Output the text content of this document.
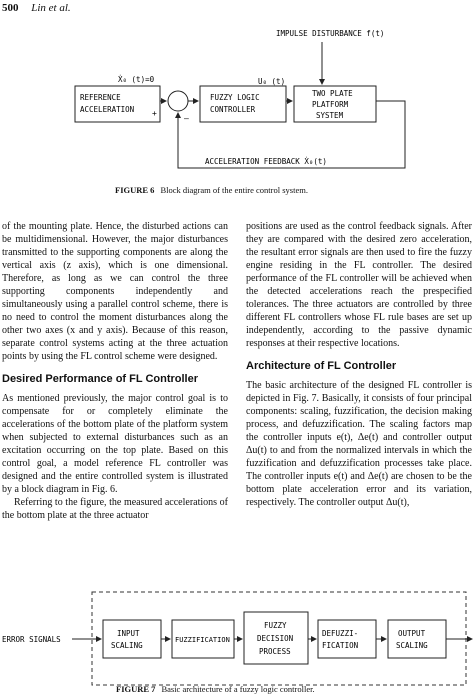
500 Lin et al.
+
–
IMPULSE DISTURBANCE f(t)
Ẋ₀ (t)=0
REFERENCE
ACCELERATION
FUZZY LOGIC
CONTROLLER
U₀ (t)
TWO PLATE
PLATFORM
SYSTEM
ACCELERATION FEEDBACK Ẋ₀(t)
FIGURE 6 Block diagram of the entire control system.

of the mounting plate. Hence, the disturbed actions can be multidimensional. However, the major disturbances transmitted to the supporting components are along the vertical axis (z axis), which is one dimensional. Therefore, as long as we can control the three supporting components independently and simultaneously using a parallel control scheme, there is no need to control the moment disturbances along the other two axes (x and y axis). Because of this reason, separate control systems acting at the three actuation points by using the FL control scheme were designed.

Desired Performance of FL Controller

As mentioned previously, the major control goal is to compensate for or completely eliminate the accelerations of the bottom plate of the platform system when subjected to external disturbances such as an excitation occurring on the top plate. Based on this control goal, a model reference FL controller was designed and the entire controlled system is illustrated by a block diagram in Fig. 6.

Referring to the figure, the measured accelerations of the bottom plate at the three actuator

positions are used as the control feedback signals. After they are compared with the desired zero acceleration, the resultant error signals are then used to fire the fuzzy engine residing in the FL controller. The desired performance of the FL controller will be achieved when the detected accelerations reach the prespecified tolerances. The three actuators are controlled by three different FL controllers whose FL rule bases are set up independently, according to the passive dynamic responses at their respective locations.

Architecture of FL Controller

The basic architecture of the designed FL controller is depicted in Fig. 7. Basically, it consists of four principal components: scaling, fuzzification, the decision making process, and defuzzification. The scaling factors map the controller inputs e(t), Δe(t) and controller output Δu(t) to and from the normalized intervals in which the fuzzification and defuzzification processes take place. The controller inputs e(t) and Δe(t) are chosen to be the bottom plate acceleration error and its variation, respectively. The controller output Δu(t),

ERROR SIGNALS
INPUT
SCALING
FUZZIFICATION
FUZZY
DECISION
PROCESS
DEFUZZI-
FICATION
OUTPUT
SCALING
FIGURE 7 Basic architecture of a fuzzy logic controller.
